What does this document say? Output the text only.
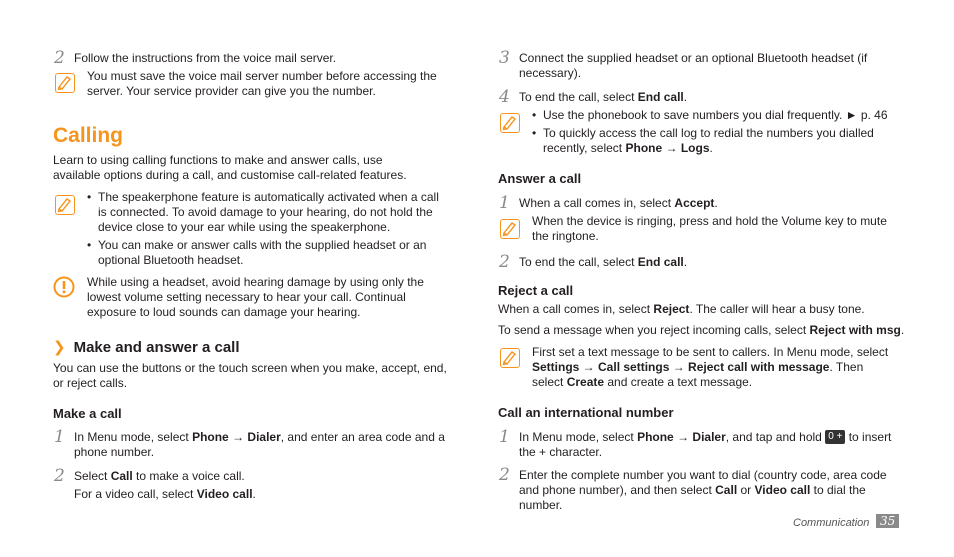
2 Follow the instructions from the voice mail server.
You must save the voice mail server number before accessing the server. Your service provider can give you the number.
Calling
Learn to using calling functions to make and answer calls, use available options during a call, and customise call-related features.
• The speakerphone feature is automatically activated when a call is connected. To avoid damage to your hearing, do not hold the device close to your ear while using the speakerphone.
• You can make or answer calls with the supplied headset or an optional Bluetooth headset.
While using a headset, avoid hearing damage by using only the lowest volume setting necessary to hear your call. Continual exposure to loud sounds can damage your hearing.
❯ Make and answer a call
You can use the buttons or the touch screen when you make, accept, end, or reject calls.
Make a call
1 In Menu mode, select Phone → Dialer, and enter an area code and a phone number.
2 Select Call to make a voice call.
For a video call, select Video call.
3 Connect the supplied headset or an optional Bluetooth headset (if necessary).
4 To end the call, select End call.
• Use the phonebook to save numbers you dial frequently. ► p. 46
• To quickly access the call log to redial the numbers you dialled recently, select Phone → Logs.
Answer a call
1 When a call comes in, select Accept.
When the device is ringing, press and hold the Volume key to mute the ringtone.
2 To end the call, select End call.
Reject a call
When a call comes in, select Reject. The caller will hear a busy tone.
To send a message when you reject incoming calls, select Reject with msg.
First set a text message to be sent to callers. In Menu mode, select Settings → Call settings → Reject call with message. Then select Create and create a text message.
Call an international number
1 In Menu mode, select Phone → Dialer, and tap and hold 0 + to insert the + character.
2 Enter the complete number you want to dial (country code, area code and phone number), and then select Call or Video call to dial the number.
Communication 35
